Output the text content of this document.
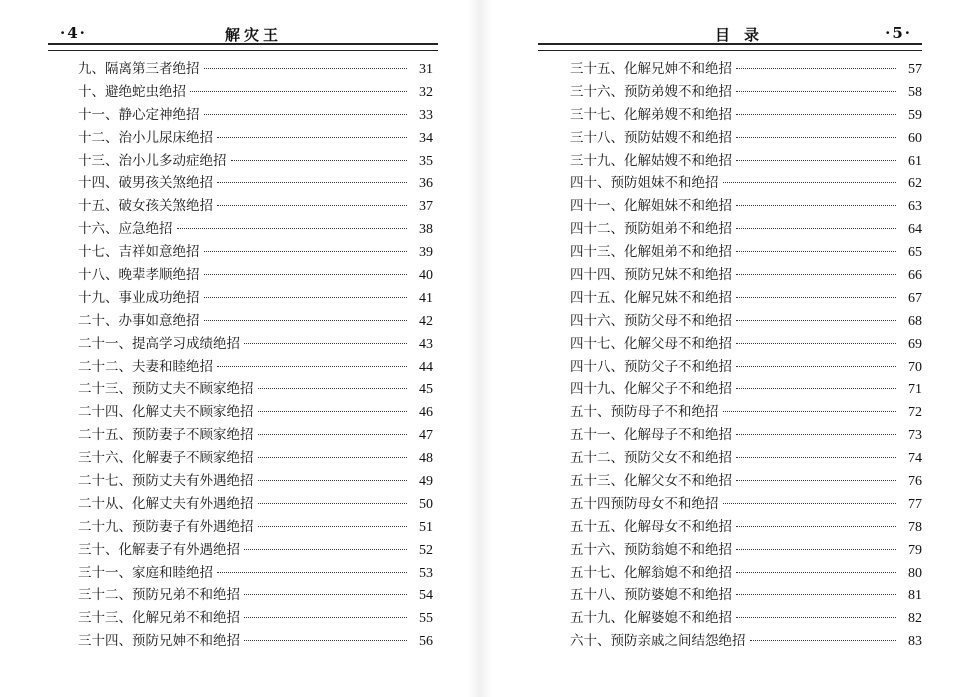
·4·	解灾王
九、隔离第三者绝招	31
十、避绝蛇虫绝招	32
十一、静心定神绝招	33
十二、治小儿尿床绝招	34
十三、治小儿多动症绝招	35
十四、破男孩关煞绝招	36
十五、破女孩关煞绝招	37
十六、应急绝招	38
十七、吉祥如意绝招	39
十八、晚辈孝顺绝招	40
十九、事业成功绝招	41
二十、办事如意绝招	42
二十一、提高学习成绩绝招	43
二十二、夫妻和睦绝招	44
二十三、预防丈夫不顾家绝招	45
二十四、化解丈夫不顾家绝招	46
二十五、预防妻子不顾家绝招	47
三十六、化解妻子不顾家绝招	48
二十七、预防丈夫有外遇绝招	49
二十从、化解丈夫有外遇绝招	50
二十九、预防妻子有外遇绝招	51
三十、化解妻子有外遇绝招	52
三十一、家庭和睦绝招	53
三十二、预防兄弟不和绝招	54
三十三、化解兄弟不和绝招	55
三十四、预防兄妽不和绝招	56
目录	·5·
三十五、化解兄妽不和绝招	57
三十六、预防弟嫂不和绝招	58
三十七、化解弟嫂不和绝招	59
三十八、预防姑嫂不和绝招	60
三十九、化解姑嫂不和绝招	61
四十、预防姐妹不和绝招	62
四十一、化解姐妹不和绝招	63
四十二、预防姐弟不和绝招	64
四十三、化解姐弟不和绝招	65
四十四、预防兄妹不和绝招	66
四十五、化解兄妹不和绝招	67
四十六、预防父母不和绝招	68
四十七、化解父母不和绝招	69
四十八、预防父子不和绝招	70
四十九、化解父子不和绝招	71
五十、预防母子不和绝招	72
五十一、化解母子不和绝招	73
五十二、预防父女不和绝招	74
五十三、化解父女不和绝招	76
五十四预防母女不和绝招	77
五十五、化解母女不和绝招	78
五十六、预防翁媳不和绝招	79
五十七、化解翁媳不和绝招	80
五十八、预防婆媳不和绝招	81
五十九、化解婆媳不和绝招	82
六十、预防亲戚之间结怨绝招	83
